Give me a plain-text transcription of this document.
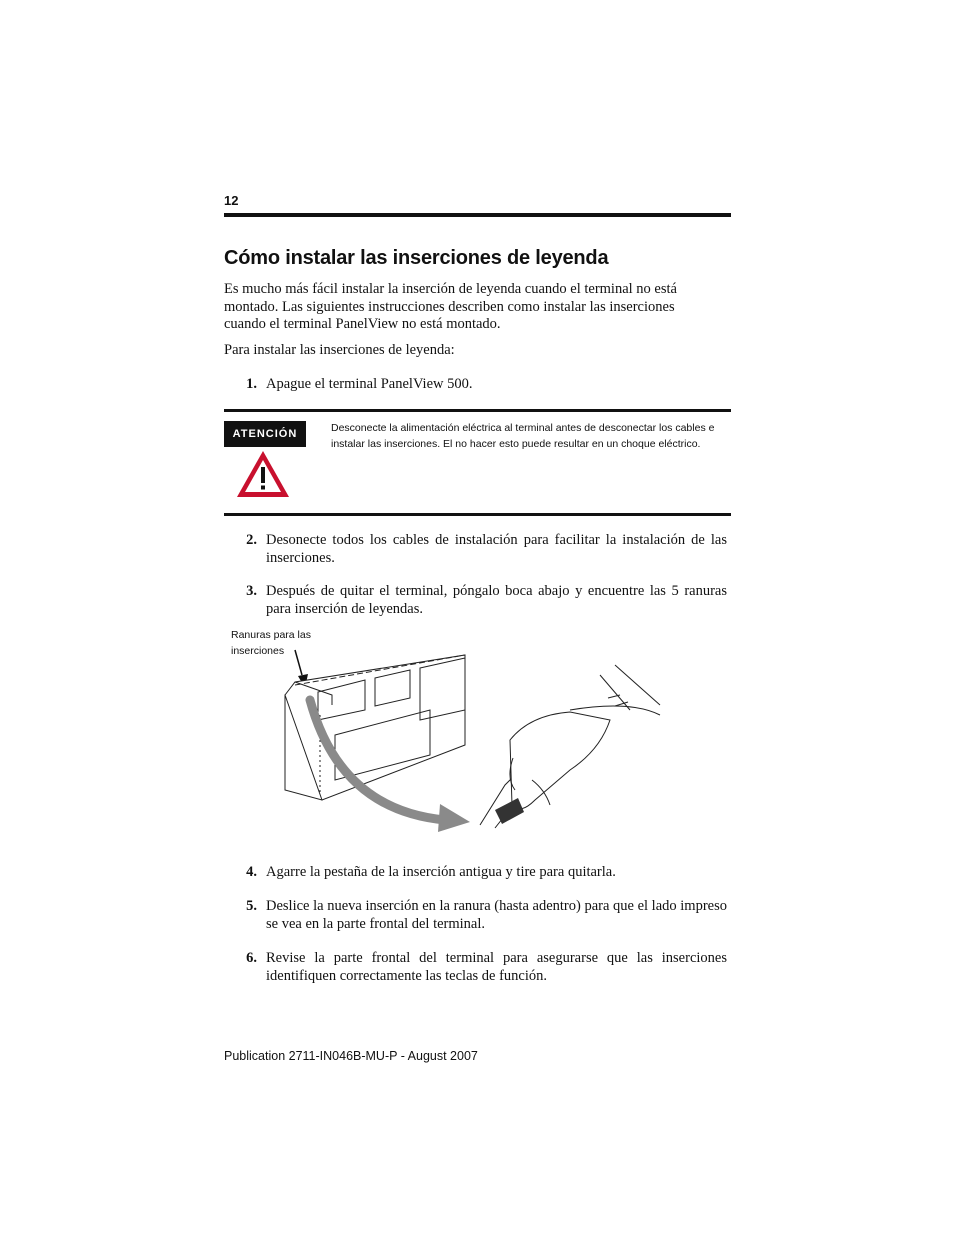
12
Cómo instalar las inserciones de leyenda
Es mucho más fácil instalar la inserción de leyenda cuando el terminal no está montado. Las siguientes instrucciones describen como instalar las inserciones cuando el terminal PanelView no está montado.
Para instalar las inserciones de leyenda:
1. Apague el terminal PanelView 500.
ATENCIÓN	Desconecte la alimentación eléctrica al terminal antes de desconectar los cables e instalar las inserciones. El no hacer esto puede resultar en un choque eléctrico.
2. Desonecte todos los cables de instalación para facilitar la instalación de las inserciones.
3. Después de quitar el terminal, póngalo boca abajo y encuentre las 5 ranuras para inserción de leyendas.
Ranuras para las
inserciones
4. Agarre la pestaña de la inserción antigua y tire para quitarla.
5. Deslice la nueva inserción en la ranura (hasta adentro) para que el lado impreso se vea en la parte frontal del terminal.
6. Revise la parte frontal del terminal para asegurarse que las inserciones identifiquen correctamente las teclas de función.
Publication 2711-IN046B-MU-P - August 2007
